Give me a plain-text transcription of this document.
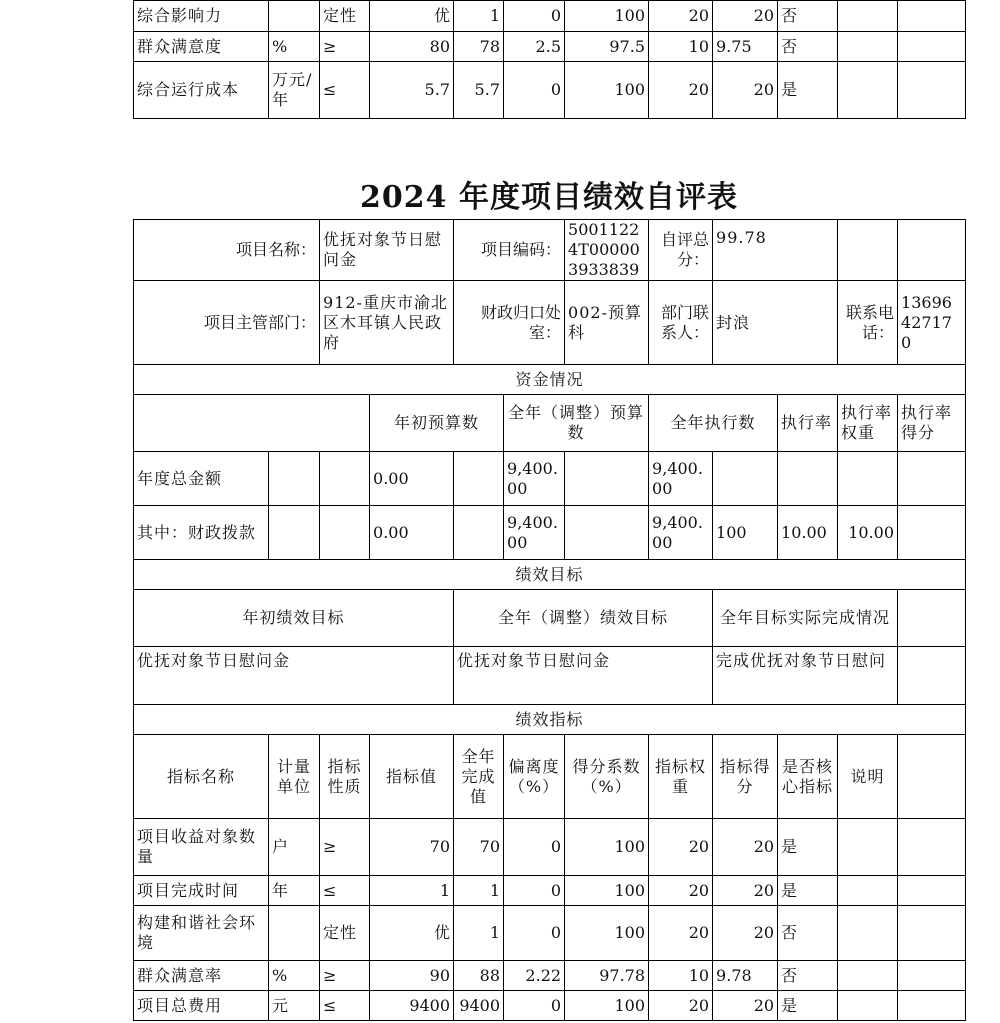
综合影响力		定性	优	1	0	100	20	20	否		
群众满意度	%	≥	80	78	2.5	97.5	10	9.75	否		
综合运行成本	万元/年	≤	5.7	5.7	0	100	20	20	是		
2024 年度项目绩效自评表
项目名称：		优抚对象节日慰问金		项目编码：		50011224T000003933839	自评总分：	99.78			
项目主管部门：		912-重庆市渝北区木耳镇人民政府		财政归口处室：		002-预算科	部门联系人：	封浪		联系电话：	13696427170
资金情况											
			年初预算数		全年（调整）预算数		全年执行数		执行率	执行率权重	执行率得分
年度总金额			0.00		9,400.00		9,400.00				
其中：财政拨款			0.00		9,400.00		9,400.00	100	10.00	10.00	
绩效目标											
年初绩效目标				全年（调整）绩效目标				全年目标实际完成情况			
优抚对象节日慰问金				优抚对象节日慰问金				完成优抚对象节日慰问			
绩效指标											
指标名称	计量单位	指标性质	指标值	全年完成值	偏离度（%）	得分系数（%）	指标权重	指标得分	是否核心指标	说明	
项目收益对象数量	户	≥	70	70	0	100	20	20	是		
项目完成时间	年	≤	1	1	0	100	20	20	是		
构建和谐社会环境		定性	优	1	0	100	20	20	否		
群众满意率	%	≥	90	88	2.22	97.78	10	9.78	否		
项目总费用	元	≤	9400	9400	0	100	20	20	是		
